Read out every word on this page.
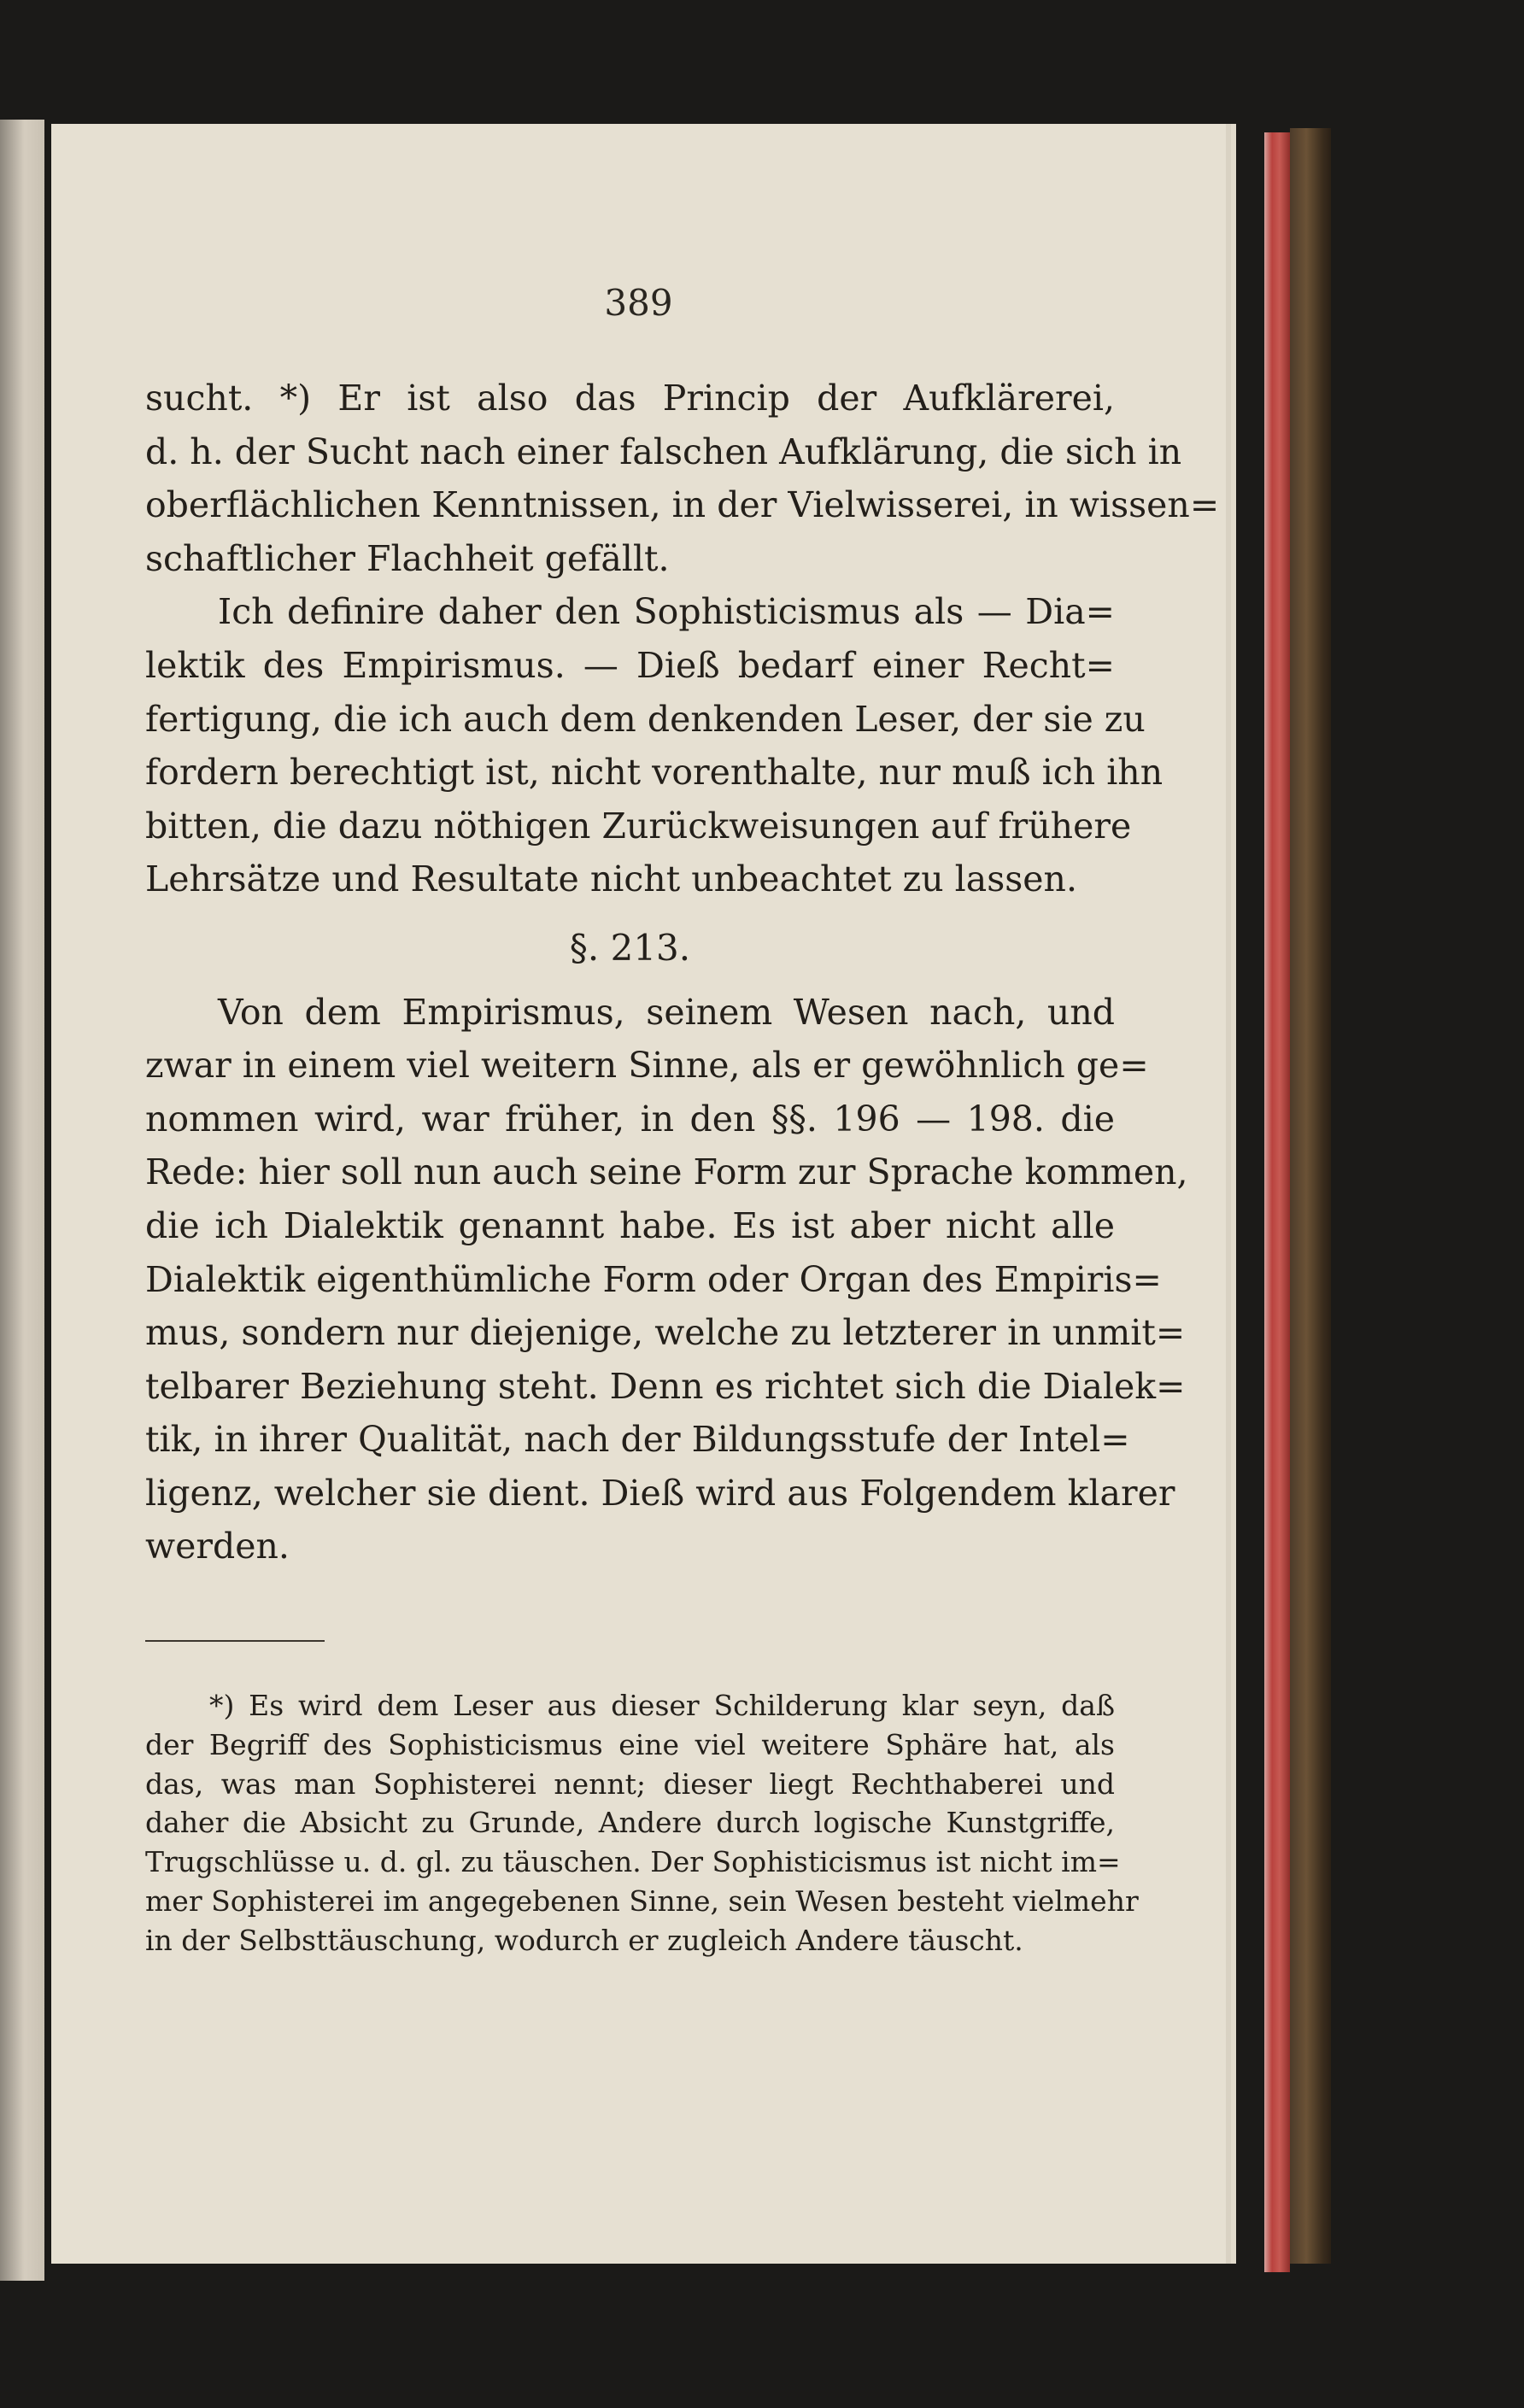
389
sucht. *) Er ist also das Princip der Aufklärerei,
d. h. der Sucht nach einer falschen Aufklärung, die sich in
oberflächlichen Kenntnissen, in der Vielwisserei, in wissen=
schaftlicher Flachheit gefällt.
Ich definire daher den Sophisticismus als — Dia=
lektik des Empirismus. — Dieß bedarf einer Recht=
fertigung, die ich auch dem denkenden Leser, der sie zu
fordern berechtigt ist, nicht vorenthalte, nur muß ich ihn
bitten, die dazu nöthigen Zurückweisungen auf frühere
Lehrsätze und Resultate nicht unbeachtet zu lassen.
§. 213.
Von dem Empirismus, seinem Wesen nach, und
zwar in einem viel weitern Sinne, als er gewöhnlich ge=
nommen wird, war früher, in den §§. 196 — 198. die
Rede: hier soll nun auch seine Form zur Sprache kommen,
die ich Dialektik genannt habe. Es ist aber nicht alle
Dialektik eigenthümliche Form oder Organ des Empiris=
mus, sondern nur diejenige, welche zu letzterer in unmit=
telbarer Beziehung steht. Denn es richtet sich die Dialek=
tik, in ihrer Qualität, nach der Bildungsstufe der Intel=
ligenz, welcher sie dient. Dieß wird aus Folgendem klarer
werden.
*) Es wird dem Leser aus dieser Schilderung klar seyn, daß
der Begriff des Sophisticismus eine viel weitere Sphäre hat, als
das, was man Sophisterei nennt; dieser liegt Rechthaberei und
daher die Absicht zu Grunde, Andere durch logische Kunstgriffe,
Trugschlüsse u. d. gl. zu täuschen. Der Sophisticismus ist nicht im=
mer Sophisterei im angegebenen Sinne, sein Wesen besteht vielmehr
in der Selbsttäuschung, wodurch er zugleich Andere täuscht.
